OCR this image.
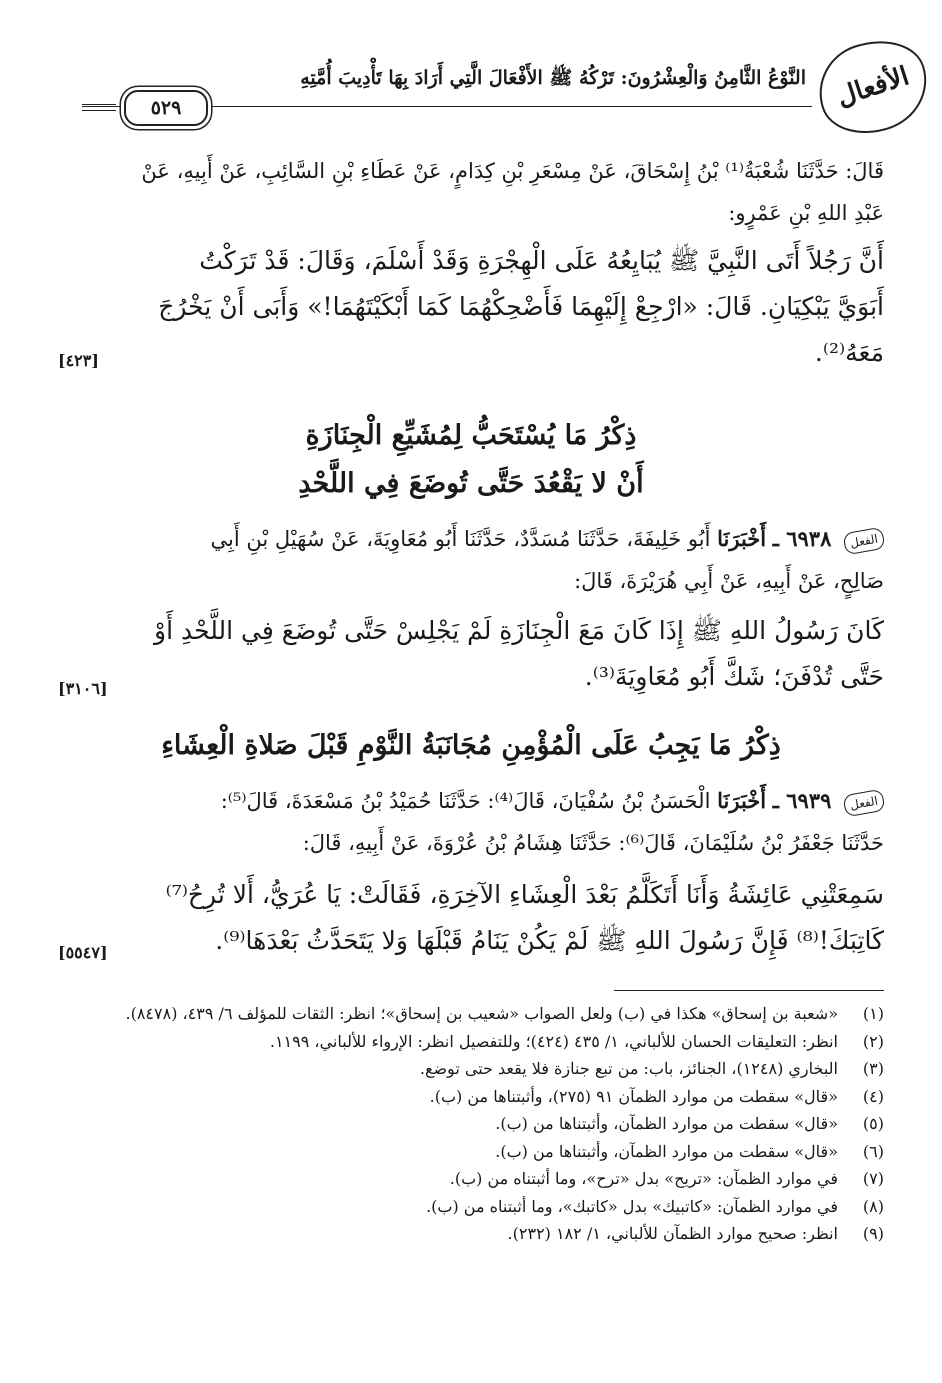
الأفعال
النَّوْعُ الثَّامِنُ وَالْعِشْرُونَ: تَرْكُهُ ﷺ الأَفْعَالَ الَّتِي أَرَادَ بِهَا تَأْدِيبَ أُمَّتِهِ
٥٢٩
قَالَ: حَدَّثَنَا شُعْبَةُ⁽¹⁾ بْنُ إِسْحَاقَ، عَنْ مِسْعَرِ بْنِ كِدَامٍ، عَنْ عَطَاءِ بْنِ السَّائِبِ، عَنْ أَبِيهِ، عَنْ
عَبْدِ اللهِ بْنِ عَمْرٍو:
أَنَّ رَجُلاً أَتَى النَّبِيَّ ﷺ يُبَايِعُهُ عَلَى الْهِجْرَةِ وَقَدْ أَسْلَمَ، وَقَالَ: قَدْ تَرَكْتُ
أَبَوَيَّ يَبْكِيَانِ. قَالَ: «ارْجِعْ إِلَيْهِمَا فَأَضْحِكْهُمَا كَمَا أَبْكَيْتَهُمَا!» وَأَبَى أَنْ يَخْرُجَ
مَعَهُ⁽²⁾.
[٤٢٣]
ذِكْرُ مَا يُسْتَحَبُّ لِمُشَيِّعِ الْجِنَازَةِ
أَنْ لا يَقْعُدَ حَتَّى تُوضَعَ فِي اللَّحْدِ
الفعل ٦٩٣٨ ـ أَخْبَرَنَا أَبُو خَلِيفَةَ، حَدَّثَنَا مُسَدَّدٌ، حَدَّثَنَا أَبُو مُعَاوِيَةَ، عَنْ سُهَيْلِ بْنِ أَبِي
صَالِحٍ، عَنْ أَبِيهِ، عَنْ أَبِي هُرَيْرَةَ، قَالَ:
كَانَ رَسُولُ اللهِ ﷺ إِذَا كَانَ مَعَ الْجِنَازَةِ لَمْ يَجْلِسْ حَتَّى تُوضَعَ فِي اللَّحْدِ أَوْ
حَتَّى تُدْفَنَ؛ شَكَّ أَبُو مُعَاوِيَةَ⁽³⁾.
[٣١٠٦]
ذِكْرُ مَا يَجِبُ عَلَى الْمُؤْمِنِ مُجَانَبَةُ النَّوْمِ قَبْلَ صَلاةِ الْعِشَاءِ
الفعل ٦٩٣٩ ـ أَخْبَرَنَا الْحَسَنُ بْنُ سُفْيَانَ، قَالَ⁽⁴⁾: حَدَّثَنَا حُمَيْدُ بْنُ مَسْعَدَةَ، قَالَ⁽⁵⁾:
حَدَّثَنَا جَعْفَرُ بْنُ سُلَيْمَانَ، قَالَ⁽⁶⁾: حَدَّثَنَا هِشَامُ بْنُ عُرْوَةَ، عَنْ أَبِيهِ، قَالَ:
سَمِعَتْنِي عَائِشَةُ وَأَنَا أَتَكَلَّمُ بَعْدَ الْعِشَاءِ الآخِرَةِ، فَقَالَتْ: يَا عُرَيُّ، أَلا تُرِحُ⁽⁷⁾
كَاتِبَكَ!⁽⁸⁾ فَإِنَّ رَسُولَ اللهِ ﷺ لَمْ يَكُنْ يَنَامُ قَبْلَهَا وَلا يَتَحَدَّثُ بَعْدَهَا⁽⁹⁾.
[٥٥٤٧]
(١)
«شعبة بن إسحاق» هكذا في (ب) ولعل الصواب «شعيب بن إسحاق»؛ انظر: الثقات للمؤلف ٦/ ٤٣٩، (٨٤٧٨).
(٢)
انظر: التعليقات الحسان للألباني، ١/ ٤٣٥ (٤٢٤)؛ وللتفصيل انظر: الإرواء للألباني، ١١٩٩.
(٣)
البخاري (١٢٤٨)، الجنائز، باب: من تبع جنازة فلا يقعد حتى توضع.
(٤)
«قال» سقطت من موارد الظمآن ٩١ (٢٧٥)، وأثبتناها من (ب).
(٥)
«قال» سقطت من موارد الظمآن، وأثبتناها من (ب).
(٦)
«قال» سقطت من موارد الظمآن، وأثبتناها من (ب).
(٧)
في موارد الظمآن: «تريح» بدل «ترح»، وما أثبتناه من (ب).
(٨)
في موارد الظمآن: «كاتبيك» بدل «كاتبك»، وما أثبتناه من (ب).
(٩)
انظر: صحيح موارد الظمآن للألباني، ١/ ١٨٢ (٢٣٢).
